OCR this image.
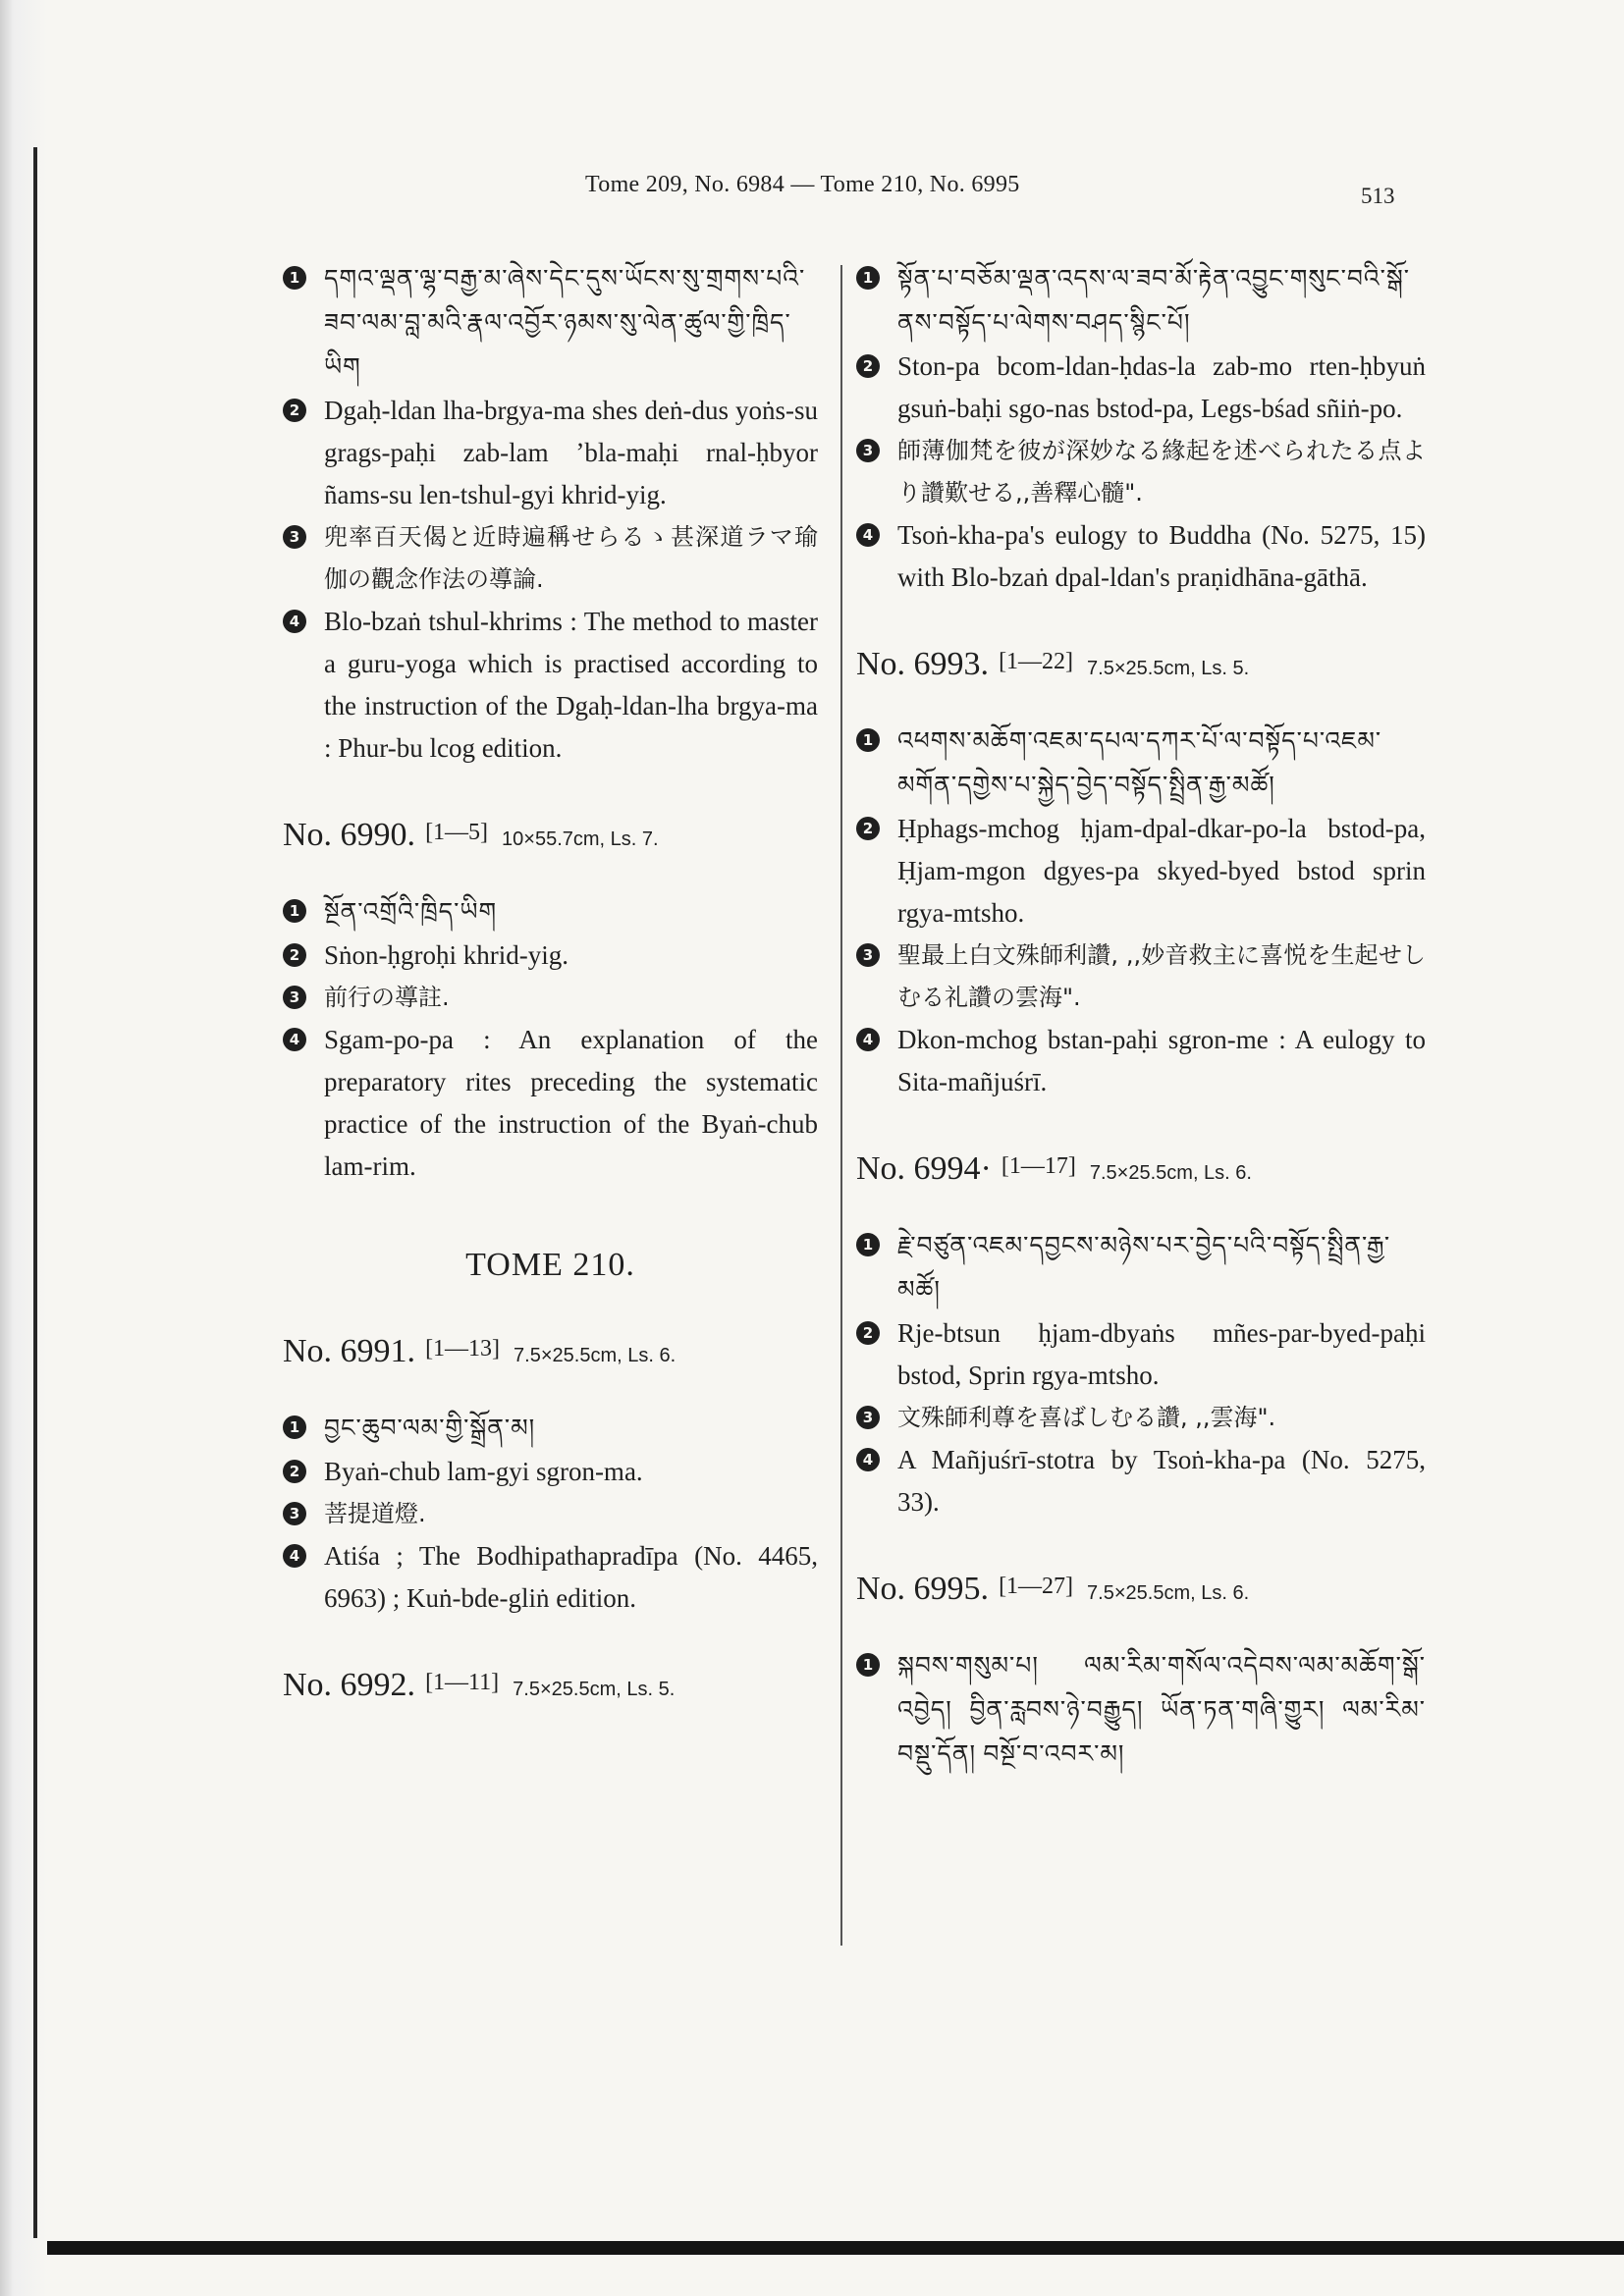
Tome 209, No. 6984 — Tome 210, No. 6995	513

1 དགའ་ལྡན་ལྷ་བརྒྱ་མ་ཞེས་དེང་དུས་ཡོངས་སུ་གྲགས་པའི་ཟབ་ལམ་བླ་མའི་རྣལ་འབྱོར་ཉམས་སུ་ལེན་ཚུལ་གྱི་ཁྲིད་ཡིག

2 Dgaḥ-ldan lha-brgya-ma shes deṅ-dus yoṅs-su grags-paḥi zab-lam ʼbla-maḥi rnal-ḥbyor ñams-su len-tshul-gyi khrid-yig.

3 兜率百天偈と近時遍稱せらるゝ甚深道ラマ瑜伽の觀念作法の導論.

4 Blo-bzaṅ tshul-khrims : The method to master a guru-yoga which is practised according to the instruction of the Dgaḥ-ldan-lha brgya-ma : Phur-bu lcog edition.

No. 6990. [1—5] 10×55.7cm, Ls. 7.

1 སྔོན་འགྲོའི་ཁྲིད་ཡིག

2 Sṅon-ḥgroḥi khrid-yig.

3 前行の導註.

4 Sgam-po-pa : An explanation of the preparatory rites preceding the systematic practice of the instruction of the Byaṅ-chub lam-rim.

TOME 210.
No. 6991. [1—13] 7.5×25.5cm, Ls. 6.

1 བྱང་ཆུབ་ལམ་གྱི་སྒྲོན་མ།

2 Byaṅ-chub lam-gyi sgron-ma.

3 菩提道燈.

4 Atiśa ; The Bodhipathapradīpa (No. 4465, 6963) ; Kuṅ-bde-gliṅ edition.

No. 6992. [1—11] 7.5×25.5cm, Ls. 5.

1 སྟོན་པ་བཅོམ་ལྡན་འདས་ལ་ཟབ་མོ་རྟེན་འབྱུང་གསུང་བའི་སྒོ་ནས་བསྟོད་པ་ལེགས་བཤད་སྙིང་པོ།

2 Ston-pa bcom-ldan-ḥdas-la zab-mo rten-ḥbyuṅ gsuṅ-baḥi sgo-nas bstod-pa, Legs-bśad sñiṅ-po.

3 師薄伽梵を彼が深妙なる緣起を述べられたる点より讚歎せる,,善釋心髓".

4 Tsoṅ-kha-pa's eulogy to Buddha (No. 5275, 15) with Blo-bzaṅ dpal-ldan's praṇidhāna-gāthā.

No. 6993. [1—22] 7.5×25.5cm, Ls. 5.

1 འཕགས་མཆོག་འཇམ་དཔལ་དཀར་པོ་ལ་བསྟོད་པ་འཇམ་མགོན་དགྱེས་པ་སྐྱེད་བྱེད་བསྟོད་སྤྲིན་རྒྱ་མཚོ།

2 Ḥphags-mchog ḥjam-dpal-dkar-po-la bstod-pa, Ḥjam-mgon dgyes-pa skyed-byed bstod sprin rgya-mtsho.

3 聖最上白文殊師利讚, ,,妙音救主に喜悦を生起せしむる礼讚の雲海".

4 Dkon-mchog bstan-paḥi sgron-me : A eulogy to Sita-mañjuśrī.

No. 6994· [1—17] 7.5×25.5cm, Ls. 6.

1 རྗེ་བཙུན་འཇམ་དབྱངས་མཉེས་པར་བྱེད་པའི་བསྟོད་སྤྲིན་རྒྱ་མཚོ།

2 Rje-btsun ḥjam-dbyaṅs mñes-par-byed-paḥi bstod, Sprin rgya-mtsho.

3 文殊師利尊を喜ばしむる讚, ,,雲海".

4 A Mañjuśrī-stotra by Tsoṅ-kha-pa (No. 5275, 33).

No. 6995. [1—27] 7.5×25.5cm, Ls. 6.

1 སྐབས་གསུམ་པ། ལམ་རིམ་གསོལ་འདེབས་ལམ་མཆོག་སྒོ་འབྱེད། བྱིན་རླབས་ཉེ་བརྒྱུད། ཡོན་ཏན་གཞི་གྱུར། ལམ་རིམ་བསྡུ་དོན། བསྔོ་བ་འབར་མ།
